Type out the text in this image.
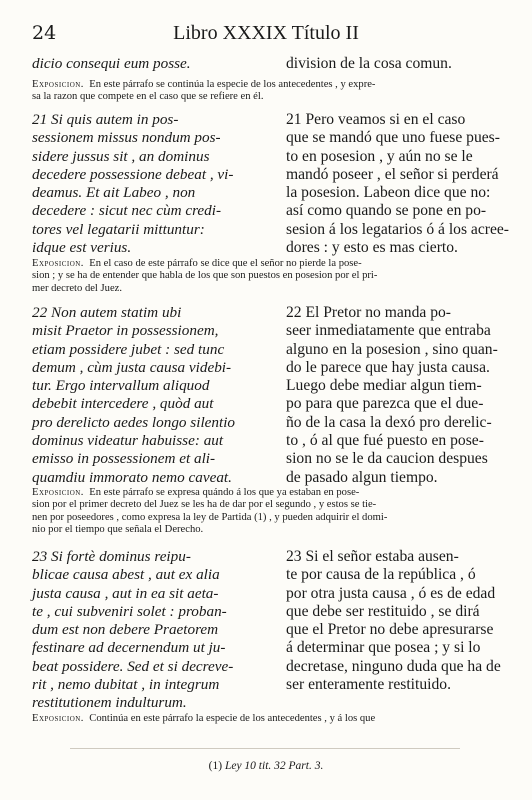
24	Libro XXXIX Título II
dicio consequi eum posse.	division de la cosa comun.
Exposicion. En este párrafo se continúa la especie de los antecedentes , y expre-
sa la razon que compete en el caso que se refiere en él.
21 Si quis autem in pos-
sessionem missus nondum pos-
sidere jussus sit , an dominus
decedere possessione debeat , vi-
deamus. Et ait Labeo , non
decedere : sicut nec cùm credi-
tores vel legatarii mittuntur:
idque est verius.
21 Pero veamos si en el caso
que se mandó que uno fuese pues-
to en posesion , y aún no se le
mandó poseer , el señor si perderá
la posesion. Labeon dice que no:
así como quando se pone en po-
sesion á los legatarios ó á los acree-
dores : y esto es mas cierto.
Exposicion. En el caso de este párrafo se dice que el señor no pierde la pose-
sion ; y se ha de entender que habla de los que son puestos en posesion por el pri-
mer decreto del Juez.
22 Non autem statim ubi
misit Praetor in possessionem,
etiam possidere jubet : sed tunc
demum , cùm justa causa videbi-
tur. Ergo intervallum aliquod
debebit intercedere , quòd aut
pro derelicto aedes longo silentio
dominus videatur habuisse: aut
emisso in possessionem et ali-
quamdiu immorato nemo caveat.
22 El Pretor no manda po-
seer inmediatamente que entraba
alguno en la posesion , sino quan-
do le parece que hay justa causa.
Luego debe mediar algun tiem-
po para que parezca que el due-
ño de la casa la dexó pro derelic-
to , ó al que fué puesto en pose-
sion no se le da caucion despues
de pasado algun tiempo.
Exposicion. En este párrafo se expresa quándo á los que ya estaban en pose-
sion por el primer decreto del Juez se les ha de dar por el segundo , y estos se tie-
nen por poseedores , como expresa la ley de Partida (1) , y pueden adquirir el domi-
nio por el tiempo que señala el Derecho.
23 Si fortè dominus reipu-
blicae causa abest , aut ex alia
justa causa , aut in ea sit aeta-
te , cui subveniri solet : proban-
dum est non debere Praetorem
festinare ad decernendum ut ju-
beat possidere. Sed et si decreve-
rit , nemo dubitat , in integrum
restitutionem indulturum.
23 Si el señor estaba ausen-
te por causa de la república , ó
por otra justa causa , ó es de edad
que debe ser restituido , se dirá
que el Pretor no debe apresurarse
á determinar que posea ; y si lo
decretase, ninguno duda que ha de
ser enteramente restituido.
Exposicion. Continúa en este párrafo la especie de los antecedentes , y á los que
(1) Ley 10 tit. 32 Part. 3.
